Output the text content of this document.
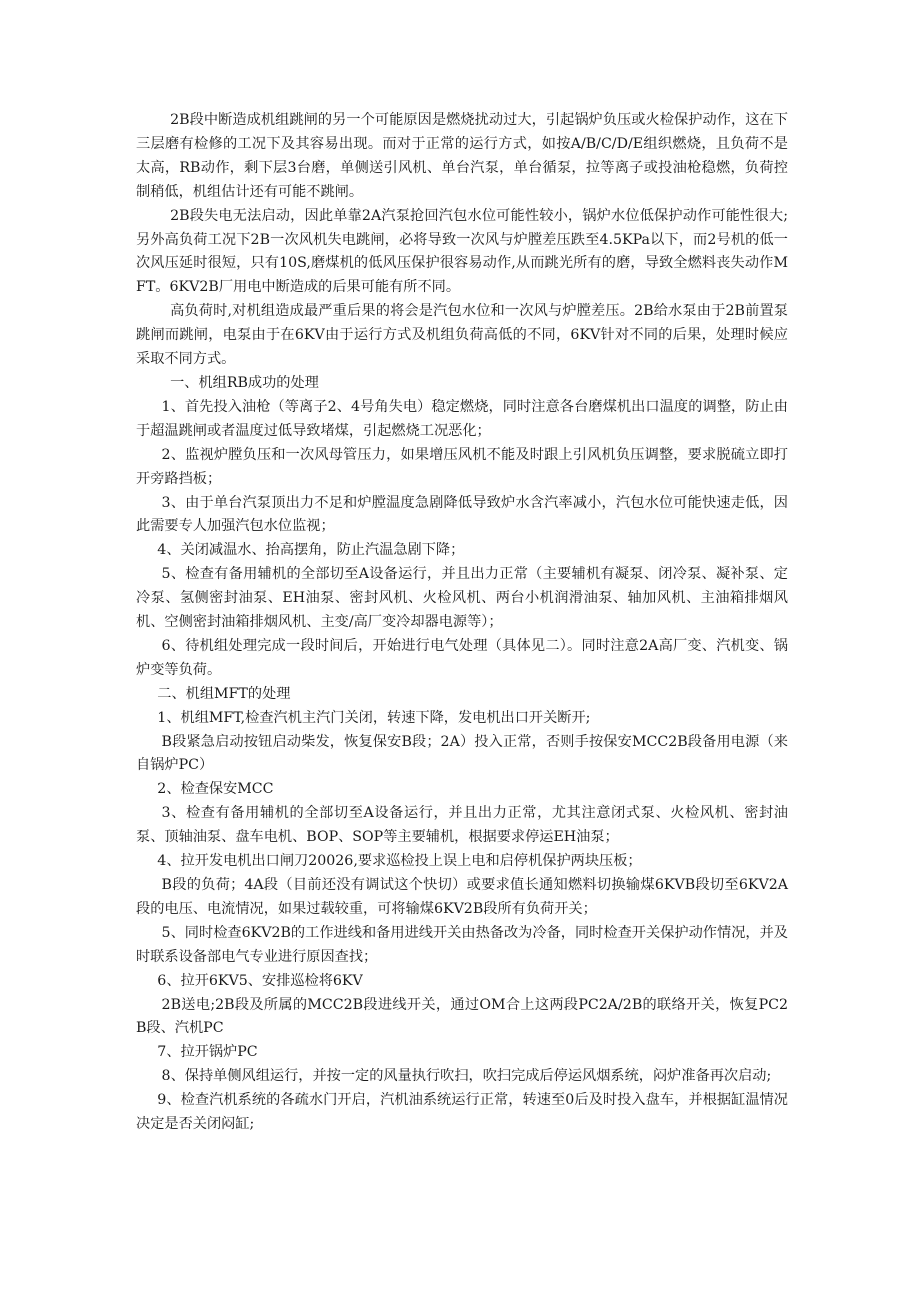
2B段中断造成机组跳闸的另一个可能原因是燃烧扰动过大，引起锅炉负压或火检保护动作，这在下三层磨有检修的工况下及其容易出现。而对于正常的运行方式，如按A/B/C/D/E组织燃烧，且负荷不是太高，RB动作，剩下层3台磨，单侧送引风机、单台汽泵，单台循泵，拉等离子或投油枪稳燃，负荷控制稍低，机组估计还有可能不跳闸。

2B段失电无法启动，因此单靠2A汽泵抢回汽包水位可能性较小，锅炉水位低保护动作可能性很大;另外高负荷工况下2B一次风机失电跳闸，必将导致一次风与炉膛差压跌至4.5KPa以下，而2号机的低一次风压延时很短，只有10S,磨煤机的低风压保护很容易动作,从而跳光所有的磨，导致全燃料丧失动作MFT。6KV2B厂用电中断造成的后果可能有所不同。

高负荷时,对机组造成最严重后果的将会是汽包水位和一次风与炉膛差压。2B给水泵由于2B前置泵跳闸而跳闸，电泵由于在6KV由于运行方式及机组负荷高低的不同，6KV针对不同的后果，处理时候应采取不同方式。

一、机组RB成功的处理

1、首先投入油枪（等离子2、4号角失电）稳定燃烧，同时注意各台磨煤机出口温度的调整，防止由于超温跳闸或者温度过低导致堵煤，引起燃烧工况恶化；

2、监视炉膛负压和一次风母管压力，如果增压风机不能及时跟上引风机负压调整，要求脱硫立即打开旁路挡板；

3、由于单台汽泵顶出力不足和炉膛温度急剧降低导致炉水含汽率减小，汽包水位可能快速走低，因此需要专人加强汽包水位监视；

4、关闭减温水、抬高摆角，防止汽温急剧下降；

5、检查有备用辅机的全部切至A设备运行，并且出力正常（主要辅机有凝泵、闭冷泵、凝补泵、定冷泵、氢侧密封油泵、EH油泵、密封风机、火检风机、两台小机润滑油泵、轴加风机、主油箱排烟风机、空侧密封油箱排烟风机、主变/高厂变冷却器电源等）；

6、待机组处理完成一段时间后，开始进行电气处理（具体见二）。同时注意2A高厂变、汽机变、锅炉变等负荷。

二、机组MFT的处理

1、机组MFT,检查汽机主汽门关闭，转速下降，发电机出口开关断开;

B段紧急启动按钮启动柴发，恢复保安B段；2A）投入正常，否则手按保安MCC2B段备用电源（来自锅炉PC）

2、检查保安MCC

3、检查有备用辅机的全部切至A设备运行，并且出力正常，尤其注意闭式泵、火检风机、密封油泵、顶轴油泵、盘车电机、BOP、SOP等主要辅机，根据要求停运EH油泵；

4、拉开发电机出口闸刀20026,要求巡检投上误上电和启停机保护两块压板；

B段的负荷；4A段（目前还没有调试这个快切）或要求值长通知燃料切换输煤6KVB段切至6KV2A段的电压、电流情况，如果过载较重，可将输煤6KV2B段所有负荷开关；

5、同时检查6KV2B的工作进线和备用进线开关由热备改为冷备，同时检查开关保护动作情况，并及时联系设备部电气专业进行原因查找；

6、拉开6KV5、安排巡检将6KV

2B送电;2B段及所属的MCC2B段进线开关，通过OM合上这两段PC2A/2B的联络开关，恢复PC2B段、汽机PC

7、拉开锅炉PC

8、保持单侧风组运行，并按一定的风量执行吹扫，吹扫完成后停运风烟系统，闷炉准备再次启动;

9、检查汽机系统的各疏水门开启，汽机油系统运行正常，转速至0后及时投入盘车，并根据缸温情况决定是否关闭闷缸;
